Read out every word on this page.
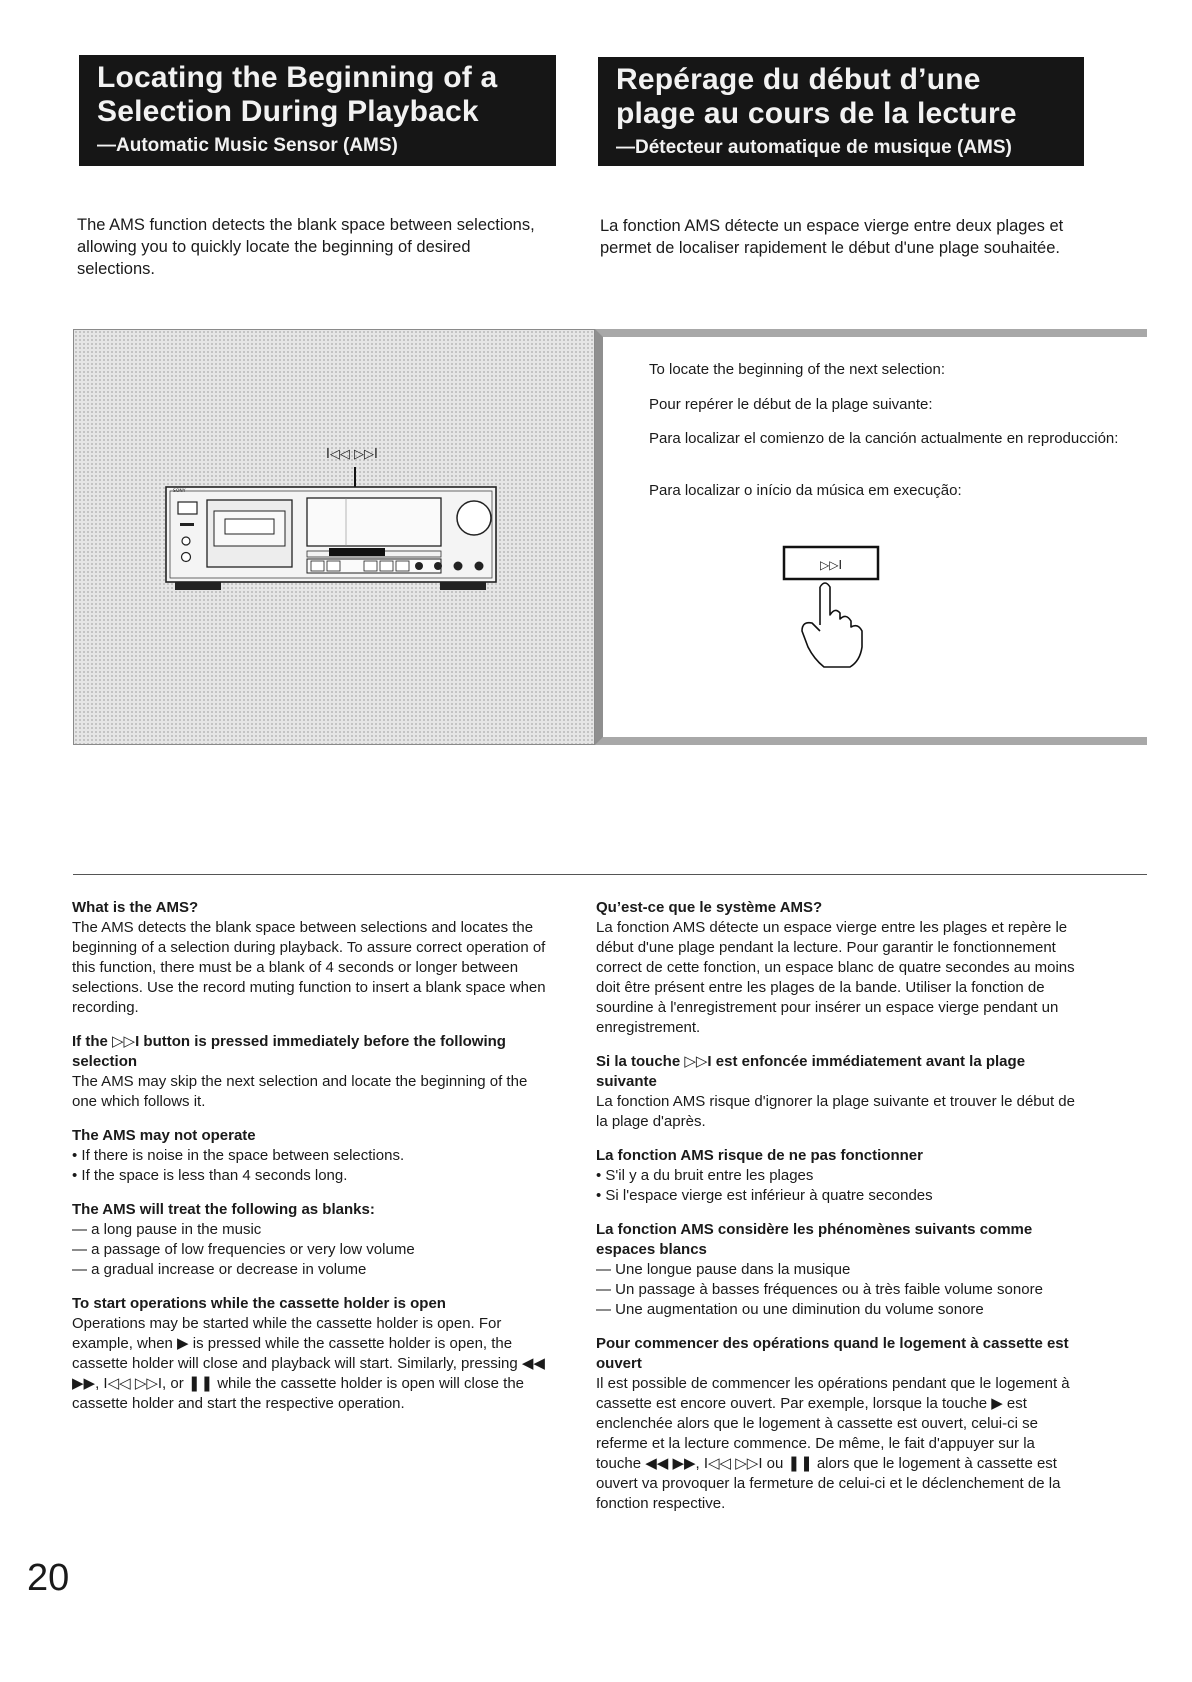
Locating the Beginning of a
Selection During Playback
—Automatic Music Sensor (AMS)
Repérage du début d’une
plage au cours de la lecture
—Détecteur automatique de musique (AMS)
The AMS function detects the blank space between selections, allowing you to quickly locate the beginning of desired selections.
La fonction AMS détecte un espace vierge entre deux plages et permet de localiser rapidement le début d'une plage souhaitée.
I◁◁ ▷▷I
SONY
To locate the beginning of the next selection:
Pour repérer le début de la plage suivante:
Para localizar el comienzo de la canción actualmente en reproducción:
Para localizar o início da música em execução:
▷▷I

What is the AMS?

The AMS detects the blank space between selections and locates the beginning of a selection during playback. To assure correct operation of this function, there must be a blank of 4 seconds or longer between selections. Use the record muting function to insert a blank space when recording.

If the ▷▷I button is pressed immediately before the following selection

The AMS may skip the next selection and locate the beginning of the one which follows it.

The AMS may not operate

• If there is noise in the space between selections.

• If the space is less than 4 seconds long.

The AMS will treat the following as blanks:

— a long pause in the music

— a passage of low frequencies or very low volume

— a gradual increase or decrease in volume

To start operations while the cassette holder is open

Operations may be started while the cassette holder is open. For example, when ▶ is pressed while the cassette holder is open, the cassette holder will close and playback will start. Similarly, pressing ◀◀ ▶▶, I◁◁ ▷▷I, or ❚❚ while the cassette holder is open will close the cassette holder and start the respective operation.

Qu’est-ce que le système AMS?

La fonction AMS détecte un espace vierge entre les plages et repère le début d'une plage pendant la lecture. Pour garantir le fonctionnement correct de cette fonction, un espace blanc de quatre secondes au moins doit être présent entre les plages de la bande. Utiliser la fonction de sourdine à l'enregistrement pour insérer un espace vierge pendant un enregistrement.

Si la touche ▷▷I est enfoncée immédiatement avant la plage suivante

La fonction AMS risque d'ignorer la plage suivante et trouver le début de la plage d'après.

La fonction AMS risque de ne pas fonctionner

• S'il y a du bruit entre les plages

• Si l'espace vierge est inférieur à quatre secondes

La fonction AMS considère les phénomènes suivants comme espaces blancs

— Une longue pause dans la musique

— Un passage à basses fréquences ou à très faible volume sonore

— Une augmentation ou une diminution du volume sonore

Pour commencer des opérations quand le logement à cassette est ouvert

Il est possible de commencer les opérations pendant que le logement à cassette est encore ouvert. Par exemple, lorsque la touche ▶ est enclenchée alors que le logement à cassette est ouvert, celui-ci se referme et la lecture commence. De même, le fait d'appuyer sur la touche ◀◀ ▶▶, I◁◁ ▷▷I ou ❚❚ alors que le logement à cassette est ouvert va provoquer la fermeture de celui-ci et le déclenchement de la fonction respective.

20
